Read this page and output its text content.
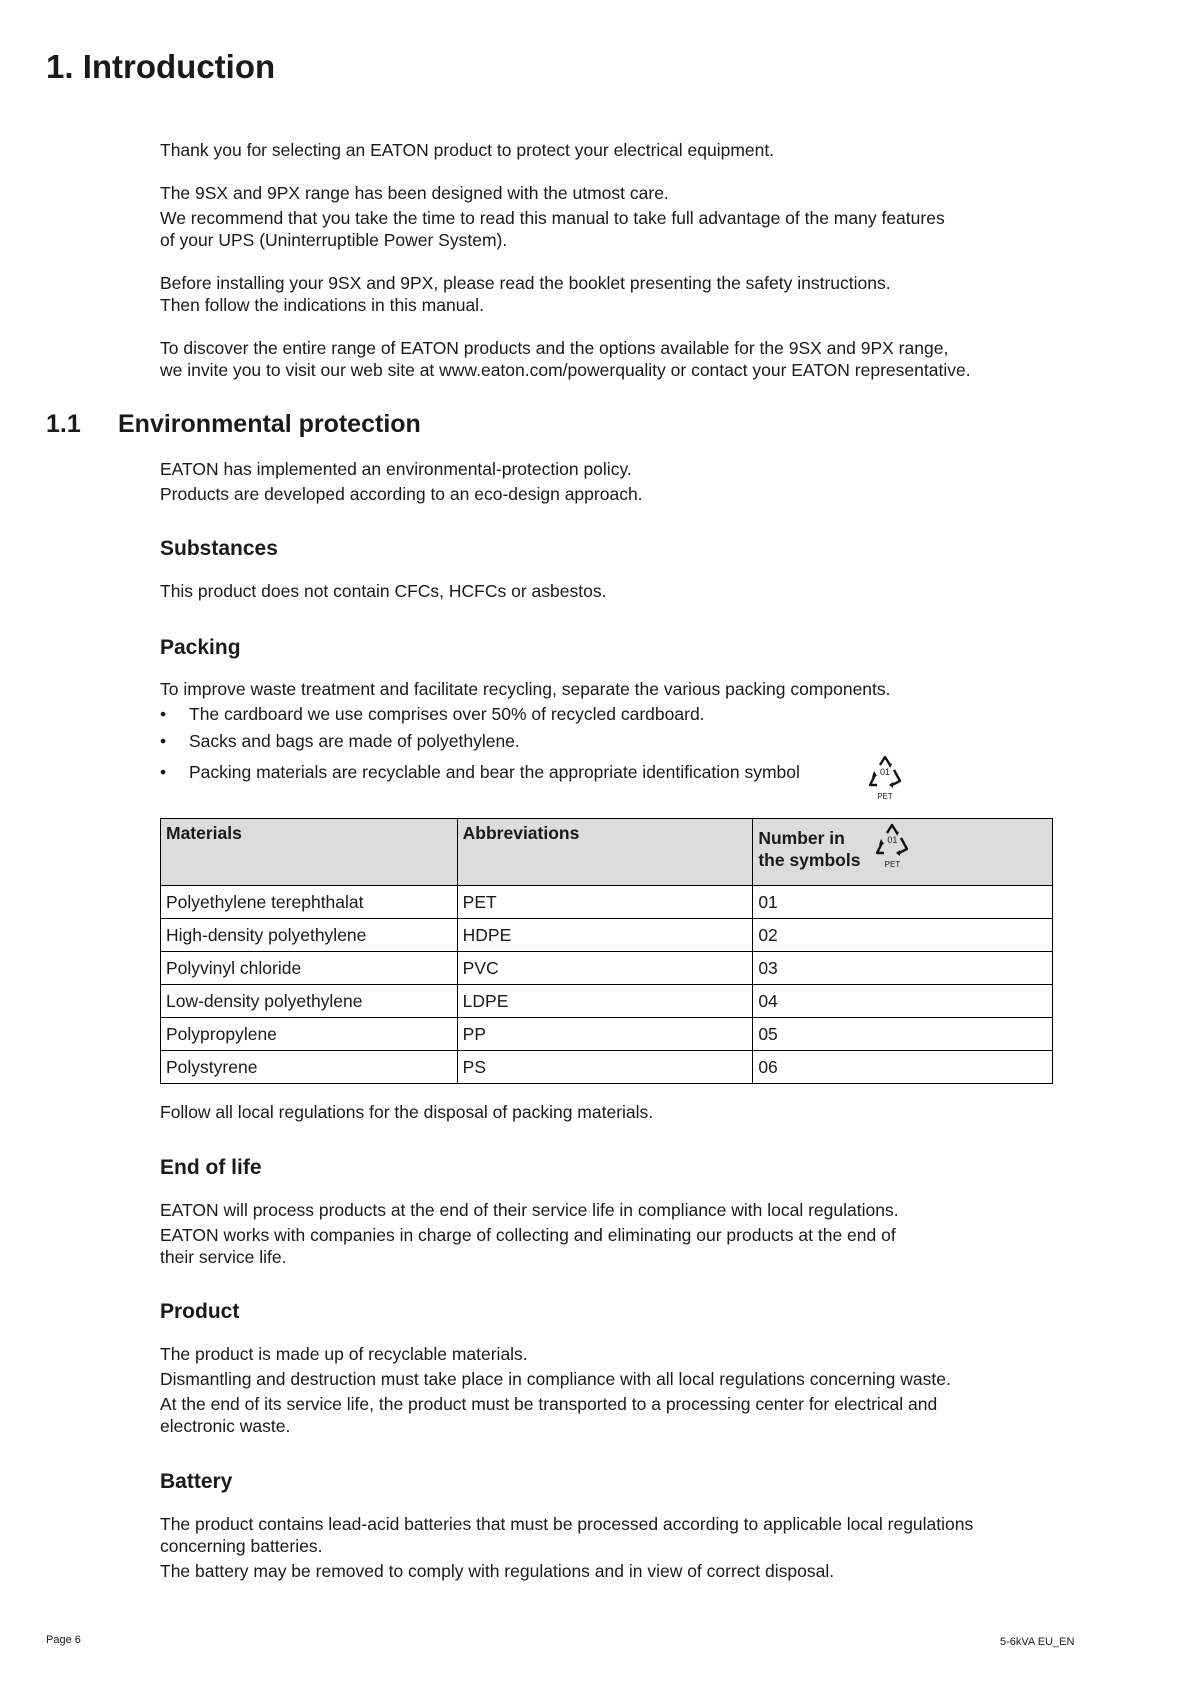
1. Introduction

Thank you for selecting an EATON product to protect your electrical equipment.

The 9SX and 9PX range has been designed with the utmost care.

We recommend that you take the time to read this manual to take full advantage of the many features

of your UPS (Uninterruptible Power System).

Before installing your 9SX and 9PX, please read the booklet presenting the safety instructions.

Then follow the indications in this manual.

To discover the entire range of EATON products and the options available for the 9SX and 9PX range,

we invite you to visit our web site at www.eaton.com/powerquality or contact your EATON representative.

1.1 Environmental protection

EATON has implemented an environmental-protection policy.

Products are developed according to an eco-design approach.

Substances

This product does not contain CFCs, HCFCs or asbestos.

Packing

To improve waste treatment and facilitate recycling, separate the various packing components.

• The cardboard we use comprises over 50% of recycled cardboard.
• Sacks and bags are made of polyethylene.
• Packing materials are recyclable and bear the appropriate identification symbol	01
PET
Materials	Abbreviations	Number in
the symbols
01
PET

Polyethylene terephthalat	PET	01
High-density polyethylene	HDPE	02
Polyvinyl chloride	PVC	03
Low-density polyethylene	LDPE	04
Polypropylene	PP	05
Polystyrene	PS	06

Follow all local regulations for the disposal of packing materials.

End of life

EATON will process products at the end of their service life in compliance with local regulations.

EATON works with companies in charge of collecting and eliminating our products at the end of

their service life.

Product

The product is made up of recyclable materials.

Dismantling and destruction must take place in compliance with all local regulations concerning waste.

At the end of its service life, the product must be transported to a processing center for electrical and

electronic waste.

Battery

The product contains lead-acid batteries that must be processed according to applicable local regulations

concerning batteries.

The battery may be removed to comply with regulations and in view of correct disposal.

Page 6	5-6kVA EU_EN
